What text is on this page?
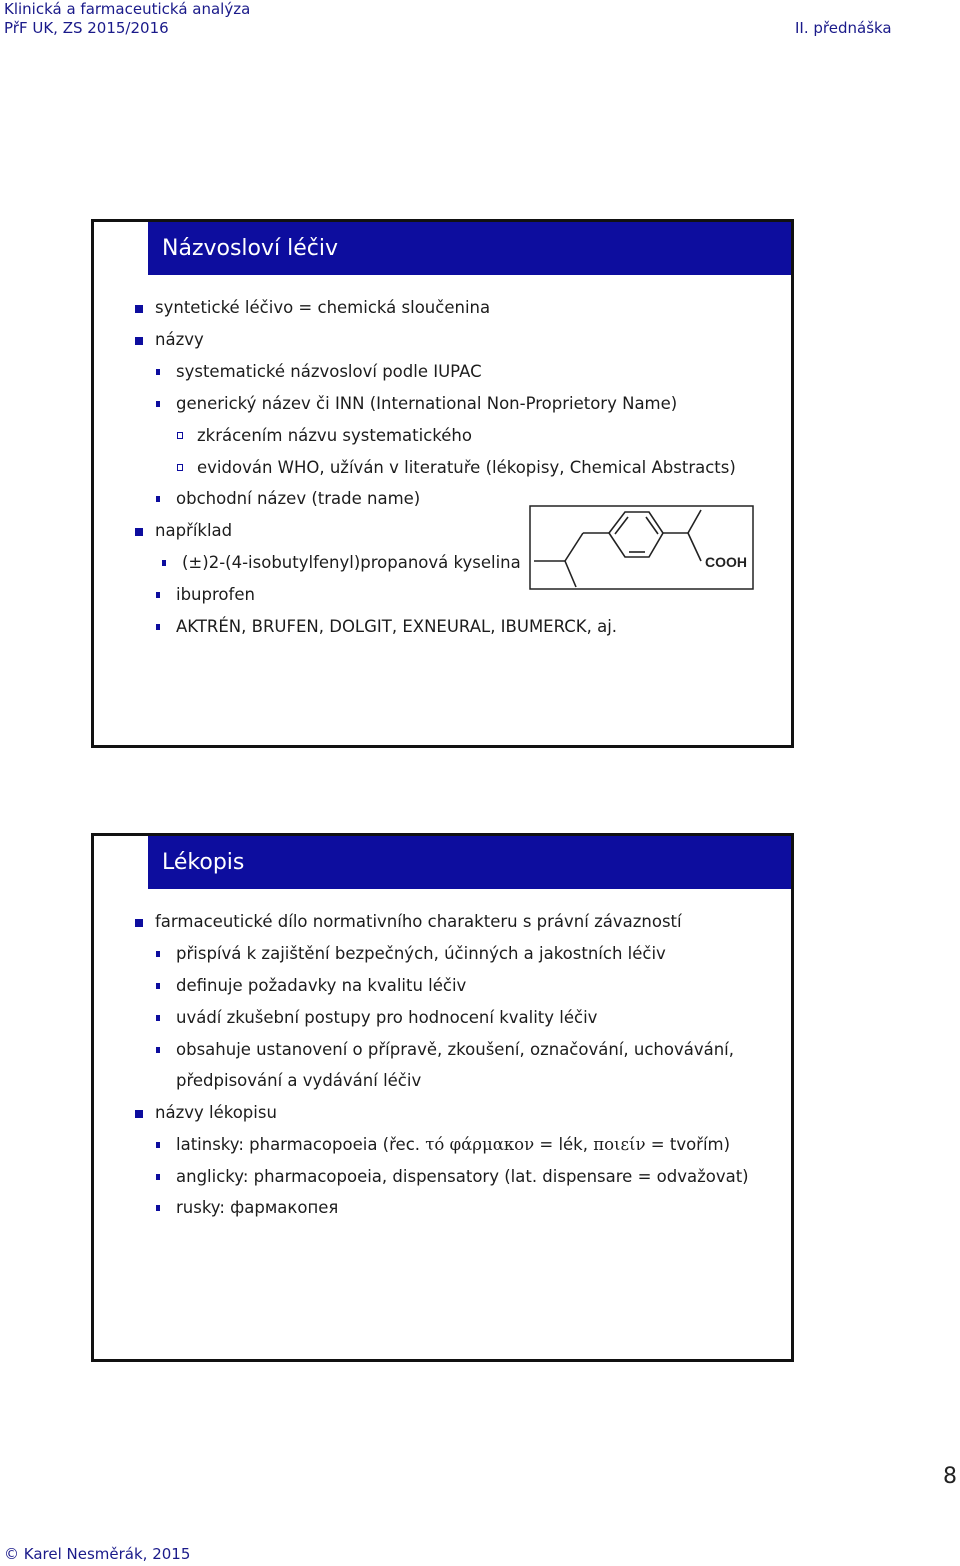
Klinická a farmaceutická analýza
PřF UK, ZS 2015/2016	II. přednáška
Názvosloví léčiv
syntetické léčivo = chemická sloučenina
názvy
systematické názvosloví podle IUPAC
generický název či INN (International Non-Proprietory Name)
zkrácením názvu systematického
evidován WHO, užíván v literatuře (lékopisy, Chemical Abstracts)
obchodní název (trade name)
například
(±)2-(4-isobutylfenyl)propanová kyselina
ibuprofen
AKTRÉN, BRUFEN, DOLGIT, EXNEURAL, IBUMERCK, aj.
COOH
Lékopis
farmaceutické dílo normativního charakteru s právní závazností
přispívá k zajištění bezpečných, účinných a jakostních léčiv
definuje požadavky na kvalitu léčiv
uvádí zkušební postupy pro hodnocení kvality léčiv
obsahuje ustanovení o přípravě, zkoušení, označování, uchovávání,
předpisování a vydávání léčiv
názvy lékopisu
latinsky: pharmacopoeia (řec. τό φάρμακον = lék, ποιείν = tvořím)
anglicky: pharmacopoeia, dispensatory (lat. dispensare = odvažovat)
rusky: фармакопея
8
© Karel Nesměrák, 2015
